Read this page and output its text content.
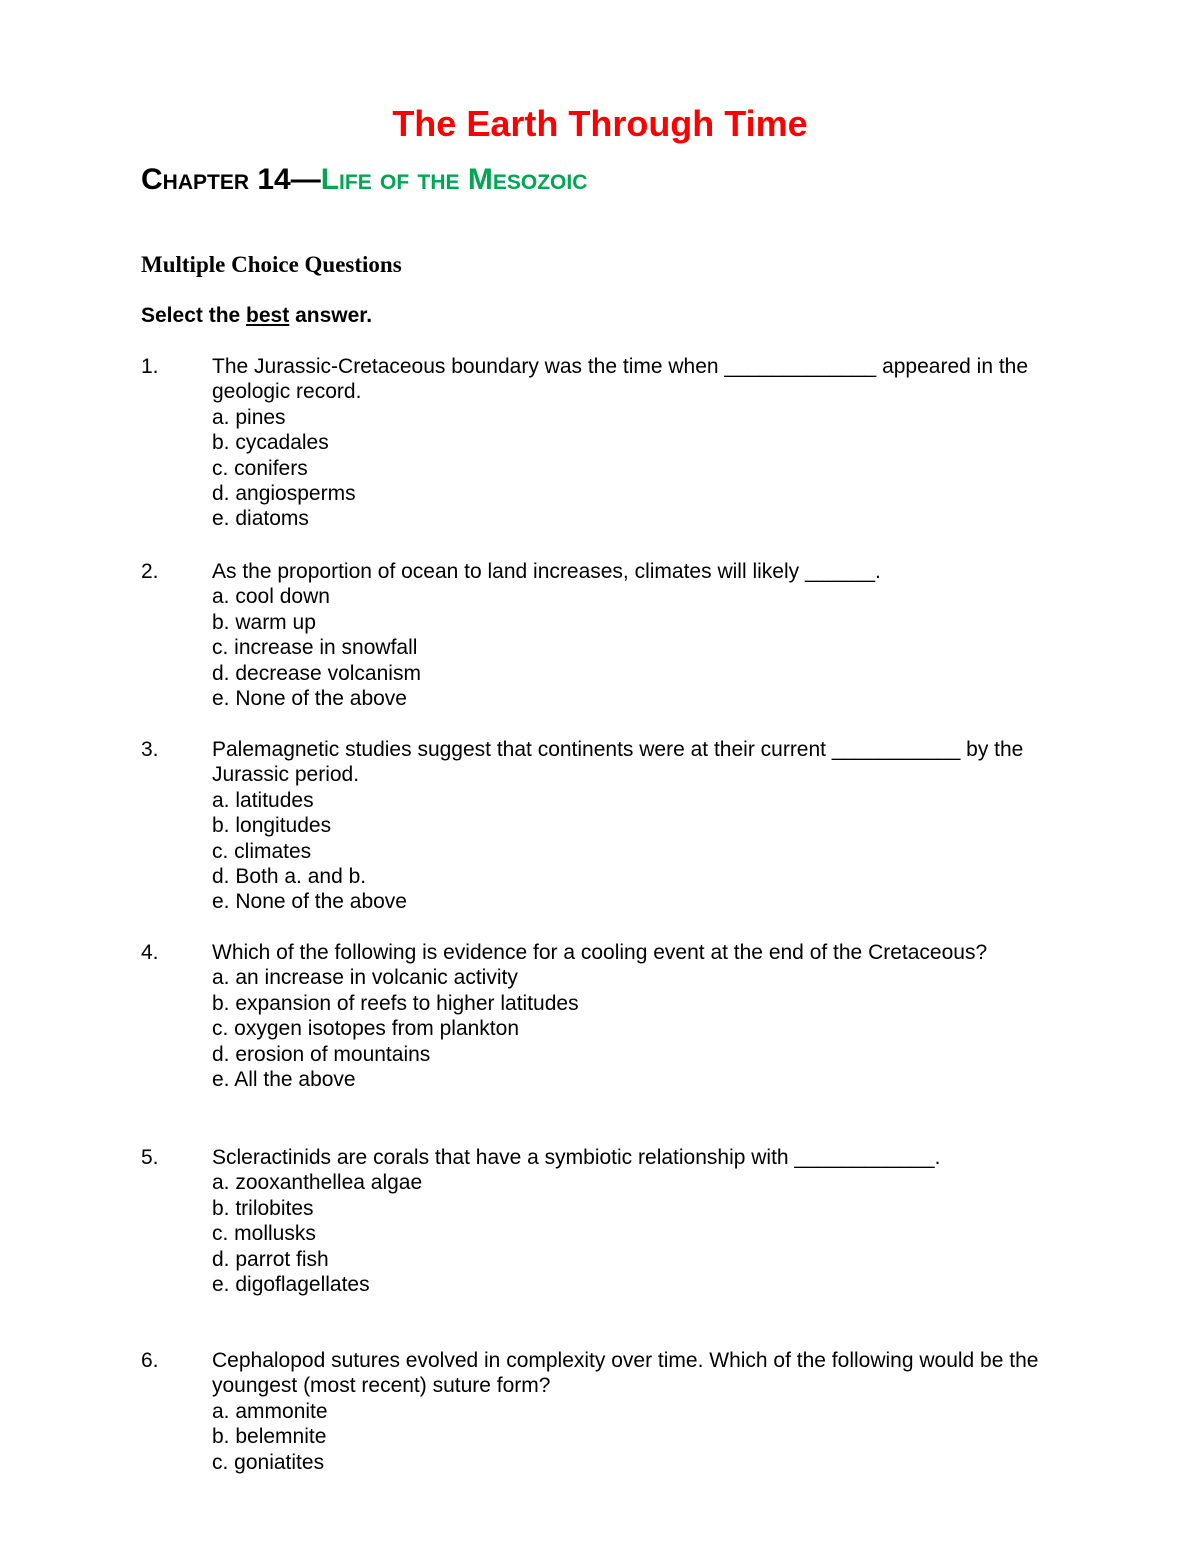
The Earth Through Time
Chapter 14—Life of the Mesozoic
Multiple Choice Questions
Select the best answer.
1.	The Jurassic-Cretaceous boundary was the time when _____________ appeared in the geologic record.
a. pines
b. cycadales
c. conifers
d. angiosperms
e. diatoms
2.	As the proportion of ocean to land increases, climates will likely ______.
a. cool down
b. warm up
c. increase in snowfall
d. decrease volcanism
e. None of the above
3.	Palemagnetic studies suggest that continents were at their current ___________ by the Jurassic period.
a. latitudes
b. longitudes
c. climates
d. Both a. and b.
e. None of the above
4.	Which of the following is evidence for a cooling event at the end of the Cretaceous?
a. an increase in volcanic activity
b. expansion of reefs to higher latitudes
c. oxygen isotopes from plankton
d. erosion of mountains
e. All the above
5.	Scleractinids are corals that have a symbiotic relationship with ____________.
a. zooxanthellea algae
b. trilobites
c. mollusks
d. parrot fish
e. digoflagellates
6.	Cephalopod sutures evolved in complexity over time. Which of the following would be the youngest (most recent) suture form?
a. ammonite
b. belemnite
c. goniatites
